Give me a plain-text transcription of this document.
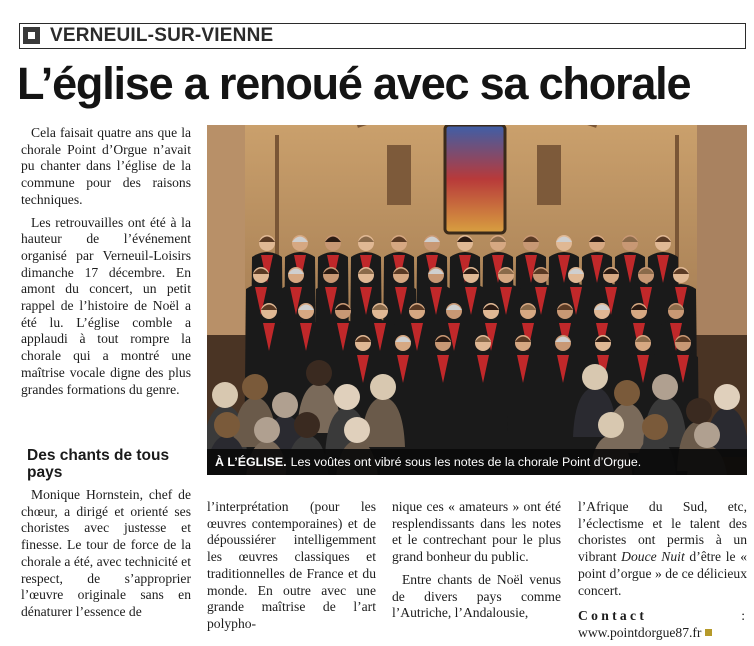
VERNEUIL-SUR-VIENNE
L’église a renoué avec sa chorale

Cela faisait quatre ans que la chorale Point d’Orgue n’avait pu chanter dans l’église de la commune pour des raisons techniques.

Les retrouvailles ont été à la hauteur de l’événement organisé par Verneuil-Loisirs dimanche 17 décembre. En amont du concert, un petit rappel de l’histoire de Noël a été lu. L’église comble a applaudi à tout rompre la chorale qui a montré une maîtrise vocale digne des plus grandes formations du genre.

Des chants de tous pays

Monique Hornstein, chef de chœur, a dirigé et orienté ses choristes avec justesse et finesse. Le tour de force de la chorale a été, avec technicité et respect, de s’approprier l’œuvre originale sans en dénaturer l’essence de

À L’ÉGLISE. Les voûtes ont vibré sous les notes de la chorale Point d’Orgue.

l’interprétation (pour les œuvres contemporaines) et de dépoussiérer intelligemment les œuvres classiques et traditionnelles de France et du monde. En outre avec une grande maîtrise de l’art polypho-

nique ces « amateurs » ont été resplendissants dans les notes et le contrechant pour le plus grand bonheur du public.

Entre chants de Noël venus de divers pays comme l’Autriche, l’Andalousie,

l’Afrique du Sud, etc, l’éclectisme et le talent des choristes ont permis à un vibrant Douce Nuit d’être le « point d’orgue » de ce délicieux concert.

Contact	:
www.pointdorgue87.fr
